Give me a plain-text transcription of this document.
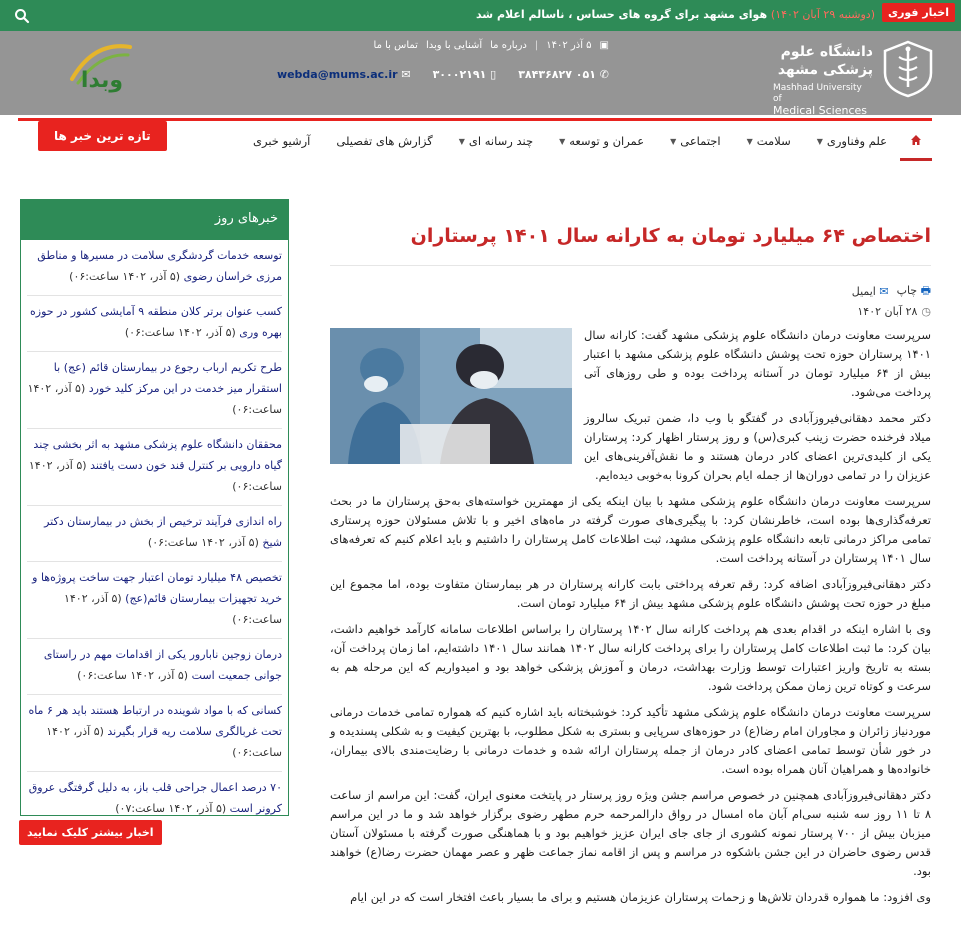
اخبار فوری
(دوشنبه ۲۹ آبان ۱۴۰۲) هوای مشهد برای گروه های حساس ، ناسالم اعلام شد
دانشگاه علوم پزشکی مشهد
Mashhad University of
Medical Sciences
▣
۵ آذر ۱۴۰۲
|
درباره ما
آشنایی با وبدا
تماس با ما
✆ ۰۵۱ ۳۸۴۳۶۸۲۷
▯ ۳۰۰۰۲۱۹۱
✉ webda@mums.ac.ir
وبدا
علم وفناوری
▼
سلامت
▼
اجتماعی
▼
عمران و توسعه
▼
چند رسانه ای
▼
گزارش های تفصیلی
آرشیو خبری
تازه ترین خبر ها
خبرهای روز
توسعه خدمات گردشگری سلامت در مسیرها و مناطق مرزی خراسان رضوی (۵ آذر، ۱۴۰۲ ساعت:۰۶)
کسب عنوان برتر کلان منطقه ۹ آمایشی کشور در حوزه بهره وری (۵ آذر، ۱۴۰۲ ساعت:۰۶)
طرح تکریم ارباب رجوع در بیمارستان قائم (عج) با استقرار میز خدمت در این مرکز کلید خورد (۵ آذر، ۱۴۰۲ ساعت:۰۶)
محققان دانشگاه علوم پزشکی مشهد به اثر بخشی چند گیاه دارویی بر کنترل قند خون دست یافتند (۵ آذر، ۱۴۰۲ ساعت:۰۶)
راه اندازی فرآیند ترخیص از بخش در بیمارستان دکتر شیخ (۵ آذر، ۱۴۰۲ ساعت:۰۶)
تخصیص ۴۸ میلیارد تومان اعتبار جهت ساخت پروژه‌ها و خرید تجهیزات بیمارستان قائم(عج) (۵ آذر، ۱۴۰۲ ساعت:۰۶)
درمان زوجین نابارور یکی از اقدامات مهم در راستای جوانی جمعیت است (۵ آذر، ۱۴۰۲ ساعت:۰۶)
کسانی که با مواد شوینده در ارتباط هستند باید هر ۶ ماه تحت غربالگری سلامت ریه قرار بگیرند (۵ آذر، ۱۴۰۲ ساعت:۰۶)
۷۰ درصد اعمال جراحی قلب باز، به دلیل گرفتگی عروق کرونر است (۵ آذر، ۱۴۰۲ ساعت:۰۷)
اخبار بیشتر کلیک نمایید
اختصاص ۶۴ میلیارد تومان به کارانه سال ۱۴۰۱ پرستاران
🖶 چاپ
✉ ایمیل
◷
۲۸ آبان ۱۴۰۲

سرپرست معاونت درمان دانشگاه علوم پزشکی مشهد گفت: کارانه سال ۱۴۰۱ پرستاران حوزه تحت پوشش دانشگاه علوم پزشکی مشهد با اعتبار بیش از ۶۴ میلیارد تومان در آستانه پرداخت بوده و طی روزهای آتی پرداخت می‌شود.

دکتر محمد دهقانی‌فیروزآبادی در گفتگو با وب دا، ضمن تبریک سالروز میلاد فرخنده حضرت زینب کبری(س) و روز پرستار اظهار کرد: پرستاران یکی از کلیدی‌ترین اعضای کادر درمان هستند و ما نقش‌آفرینی‌های این عزیزان را در تمامی دوران‌ها از جمله ایام بحران کرونا به‌خوبی دیده‌ایم.

سرپرست معاونت درمان دانشگاه علوم پزشکی مشهد با بیان اینکه یکی از مهمترین خواسته‌های به‌حق پرستاران ما در بحث تعرفه‌گذاری‌ها بوده است، خاطرنشان کرد: با پیگیری‌های صورت گرفته در ماه‌های اخیر و با تلاش مسئولان حوزه پرستاری تمامی مراکز درمانی تابعه دانشگاه علوم پزشکی مشهد، ثبت اطلاعات کامل پرستاران را داشتیم و باید اعلام کنیم که تعرفه‌های سال ۱۴۰۱ پرستاران در آستانه پرداخت است.

دکتر دهقانی‌فیروزآبادی اضافه کرد: رقم تعرفه پرداختی بابت کارانه پرستاران در هر بیمارستان متفاوت بوده، اما مجموع این مبلغ در حوزه تحت پوشش دانشگاه علوم پزشکی مشهد بیش از ۶۴ میلیارد تومان است.

وی با اشاره اینکه در اقدام بعدی هم پرداخت کارانه سال ۱۴۰۲ پرستاران را براساس اطلاعات سامانه کارآمد خواهیم داشت، بیان کرد: ما ثبت اطلاعات کامل پرستاران را برای پرداخت کارانه سال ۱۴۰۲ همانند سال ۱۴۰۱ داشته‌ایم، اما زمان پرداخت آن، بسته به تاریخ واریز اعتبارات توسط وزارت بهداشت، درمان و آموزش پزشکی خواهد بود و امیدواریم که این مرحله هم به سرعت و کوتاه ترین زمان ممکن پرداخت شود.

سرپرست معاونت درمان دانشگاه علوم پزشکی مشهد تأکید کرد: خوشبختانه باید اشاره کنیم که همواره تمامی خدمات درمانی موردنیاز زائران و مجاوران امام رضا(ع) در حوزه‌های سرپایی و بستری به شکل مطلوب، با بهترین کیفیت و به شکلی پسندیده و در خور شأن توسط تمامی اعضای کادر درمان از جمله پرستاران ارائه شده و خدمات درمانی با رضایت‌مندی بالای بیماران، خانواده‌ها و همراهیان آنان همراه بوده است.

دکتر دهقانی‌فیروزآبادی همچنین در خصوص مراسم جشن ویژه روز پرستار در پایتخت معنوی ایران، گفت: این مراسم از ساعت ۸ تا ۱۱ روز سه شنبه سی‌ام آبان ماه امسال در رواق دارالمرحمه حرم مطهر رضوی برگزار خواهد شد و ما در این مراسم میزبان بیش از ۷۰۰ پرستار نمونه کشوری از جای جای ایران عزیز خواهیم بود و با هماهنگی صورت گرفته با مسئولان آستان قدس رضوی حاضران در این جشن باشکوه در مراسم و پس از اقامه نماز جماعت ظهر و عصر مهمان حضرت رضا(ع) خواهند بود.

وی افزود: ما همواره قدردان تلاش‌ها و زحمات پرستاران عزیزمان هستیم و برای ما بسیار باعث افتخار است که در این ایام
